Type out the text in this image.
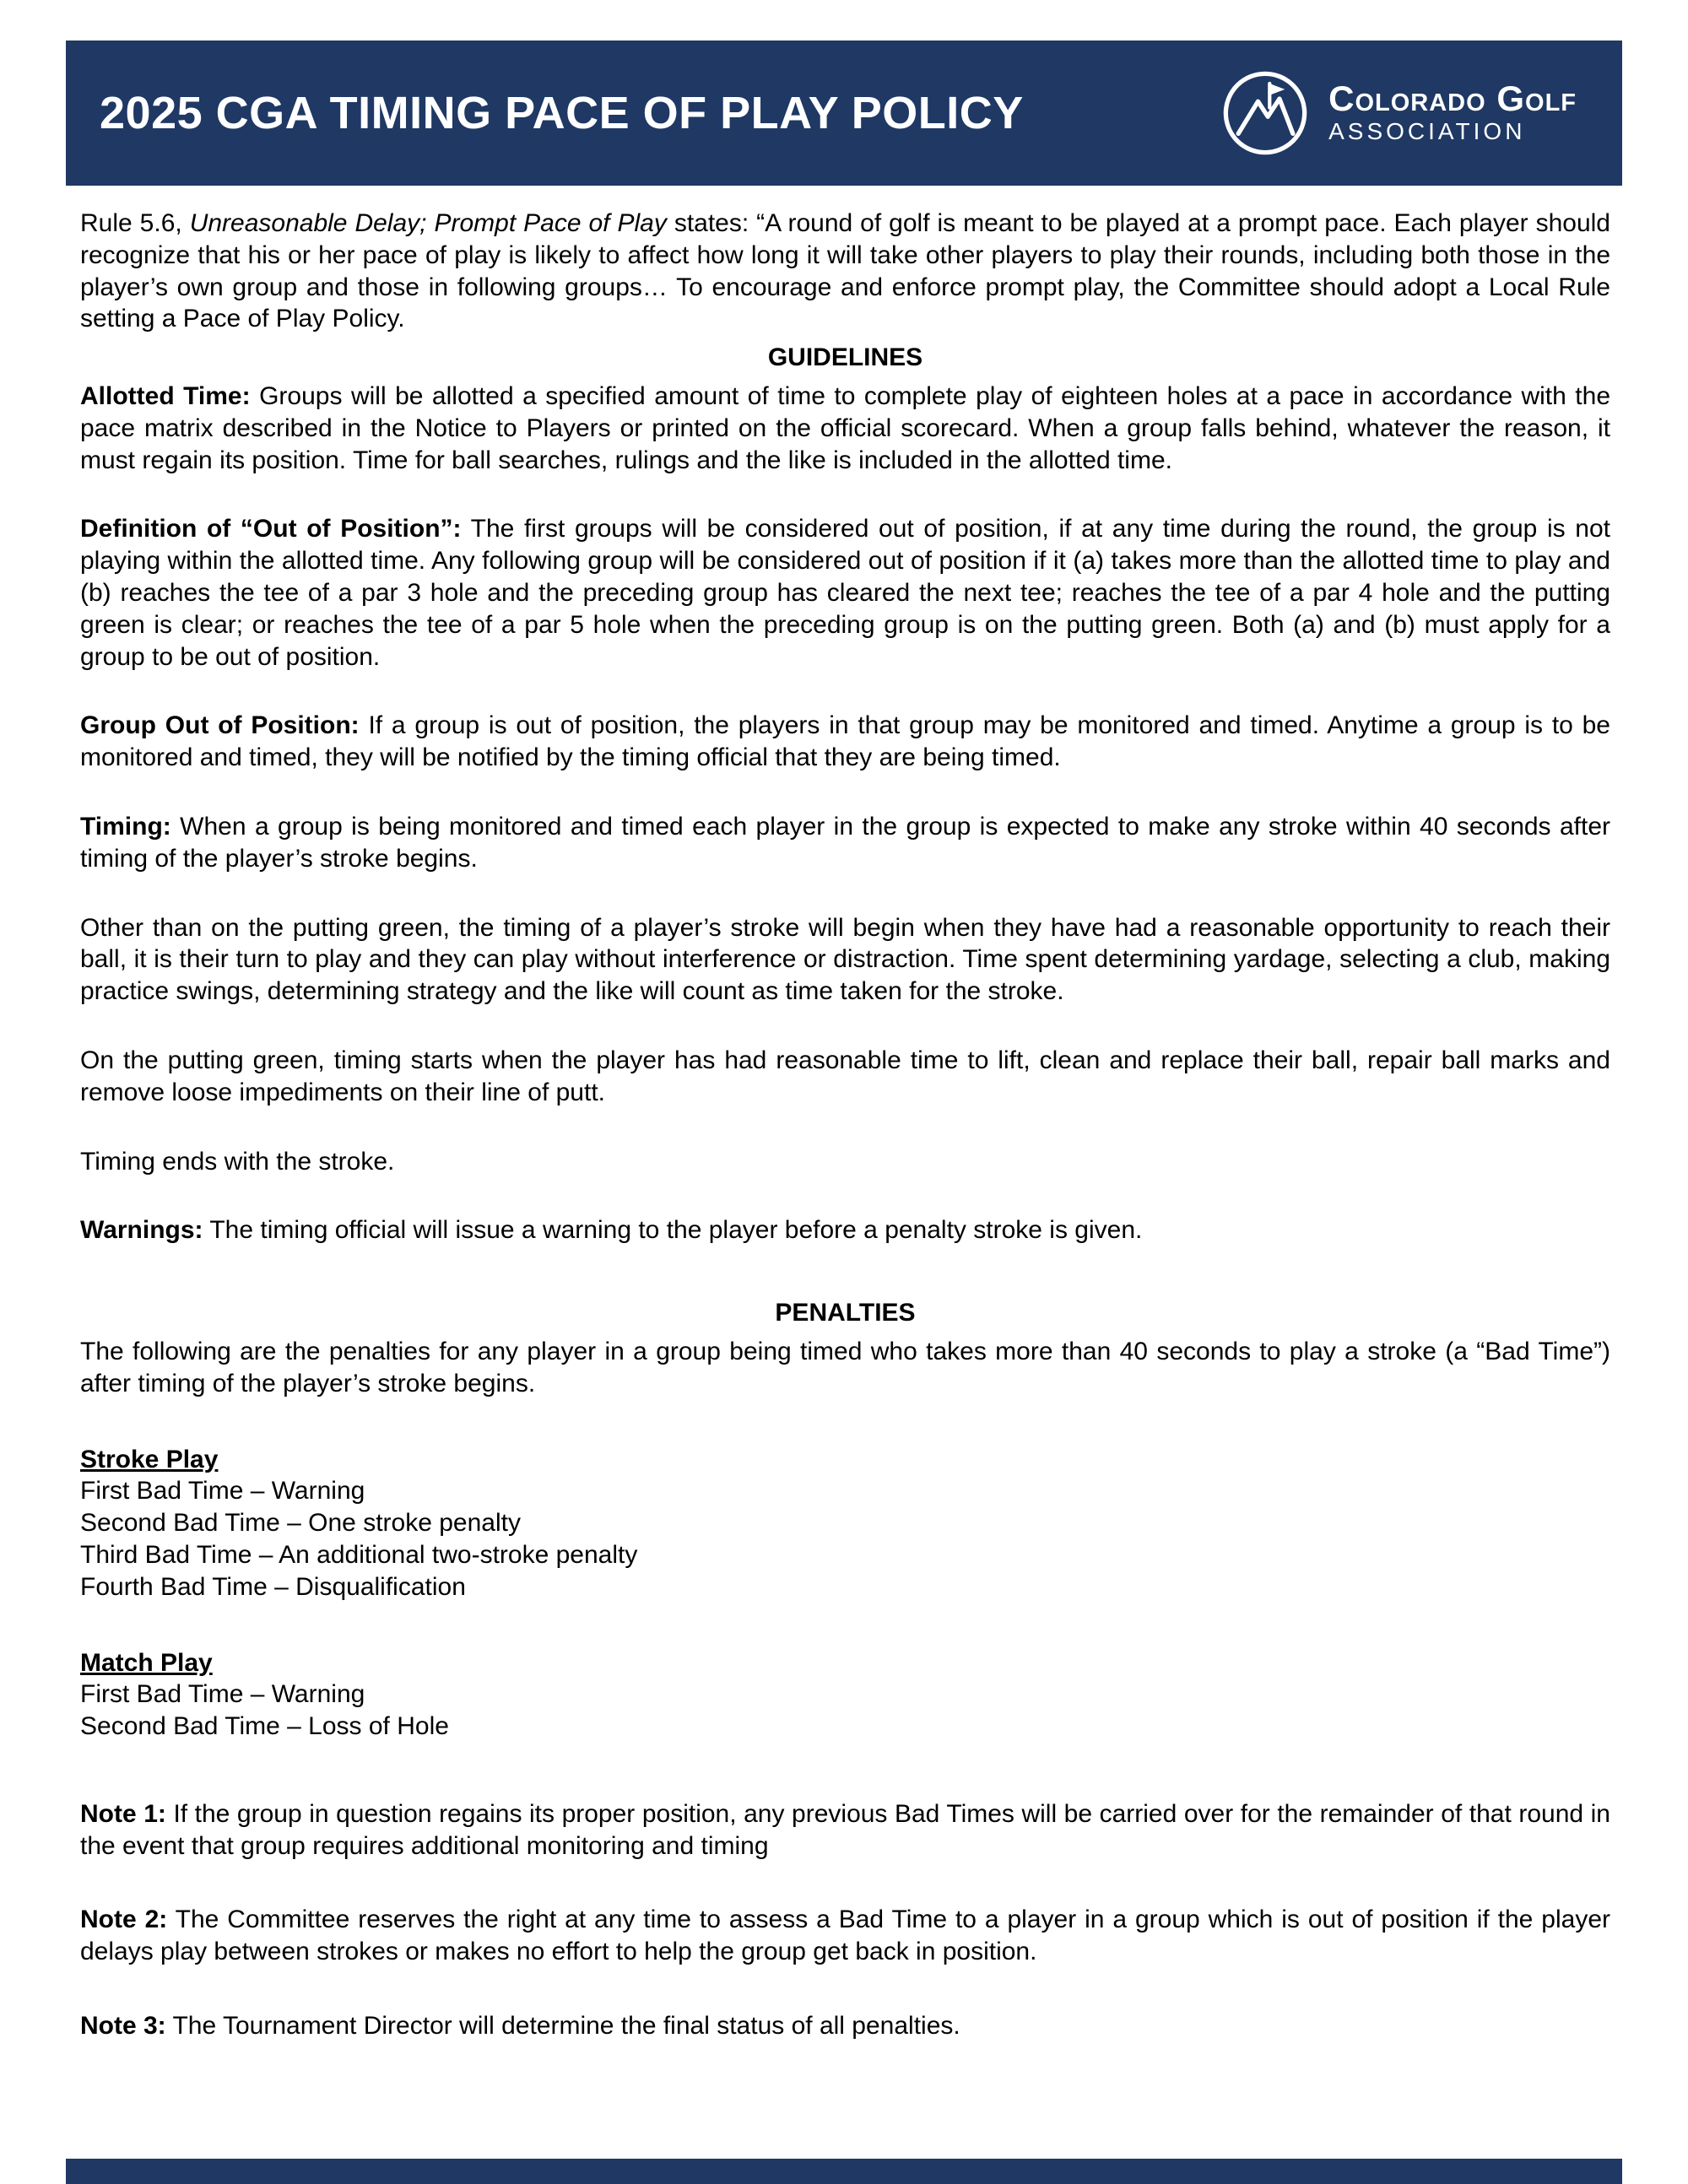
2025 CGA TIMING PACE OF PLAY POLICY	Colorado Golf
ASSOCIATION

Rule 5.6, Unreasonable Delay; Prompt Pace of Play states: “A round of golf is meant to be played at a prompt pace. Each player should recognize that his or her pace of play is likely to affect how long it will take other players to play their rounds, including both those in the player’s own group and those in following groups… To encourage and enforce prompt play, the Committee should adopt a Local Rule setting a Pace of Play Policy.

GUIDELINES

Allotted Time: Groups will be allotted a specified amount of time to complete play of eighteen holes at a pace in accordance with the pace matrix described in the Notice to Players or printed on the official scorecard. When a group falls behind, whatever the reason, it must regain its position. Time for ball searches, rulings and the like is included in the allotted time.

Definition of “Out of Position”: The first groups will be considered out of position, if at any time during the round, the group is not playing within the allotted time. Any following group will be considered out of position if it (a) takes more than the allotted time to play and (b) reaches the tee of a par 3 hole and the preceding group has cleared the next tee; reaches the tee of a par 4 hole and the putting green is clear; or reaches the tee of a par 5 hole when the preceding group is on the putting green. Both (a) and (b) must apply for a group to be out of position.

Group Out of Position: If a group is out of position, the players in that group may be monitored and timed. Anytime a group is to be monitored and timed, they will be notified by the timing official that they are being timed.

Timing: When a group is being monitored and timed each player in the group is expected to make any stroke within 40 seconds after timing of the player’s stroke begins.

Other than on the putting green, the timing of a player’s stroke will begin when they have had a reasonable opportunity to reach their ball, it is their turn to play and they can play without interference or distraction. Time spent determining yardage, selecting a club, making practice swings, determining strategy and the like will count as time taken for the stroke.

On the putting green, timing starts when the player has had reasonable time to lift, clean and replace their ball, repair ball marks and remove loose impediments on their line of putt.

Timing ends with the stroke.

Warnings: The timing official will issue a warning to the player before a penalty stroke is given.

PENALTIES

The following are the penalties for any player in a group being timed who takes more than 40 seconds to play a stroke (a “Bad Time”) after timing of the player’s stroke begins.

Stroke Play

First Bad Time – Warning

Second Bad Time – One stroke penalty

Third Bad Time – An additional two-stroke penalty

Fourth Bad Time – Disqualification

Match Play

First Bad Time – Warning

Second Bad Time – Loss of Hole

Note 1: If the group in question regains its proper position, any previous Bad Times will be carried over for the remainder of that round in the event that group requires additional monitoring and timing

Note 2: The Committee reserves the right at any time to assess a Bad Time to a player in a group which is out of position if the player delays play between strokes or makes no effort to help the group get back in position.

Note 3: The Tournament Director will determine the final status of all penalties.
